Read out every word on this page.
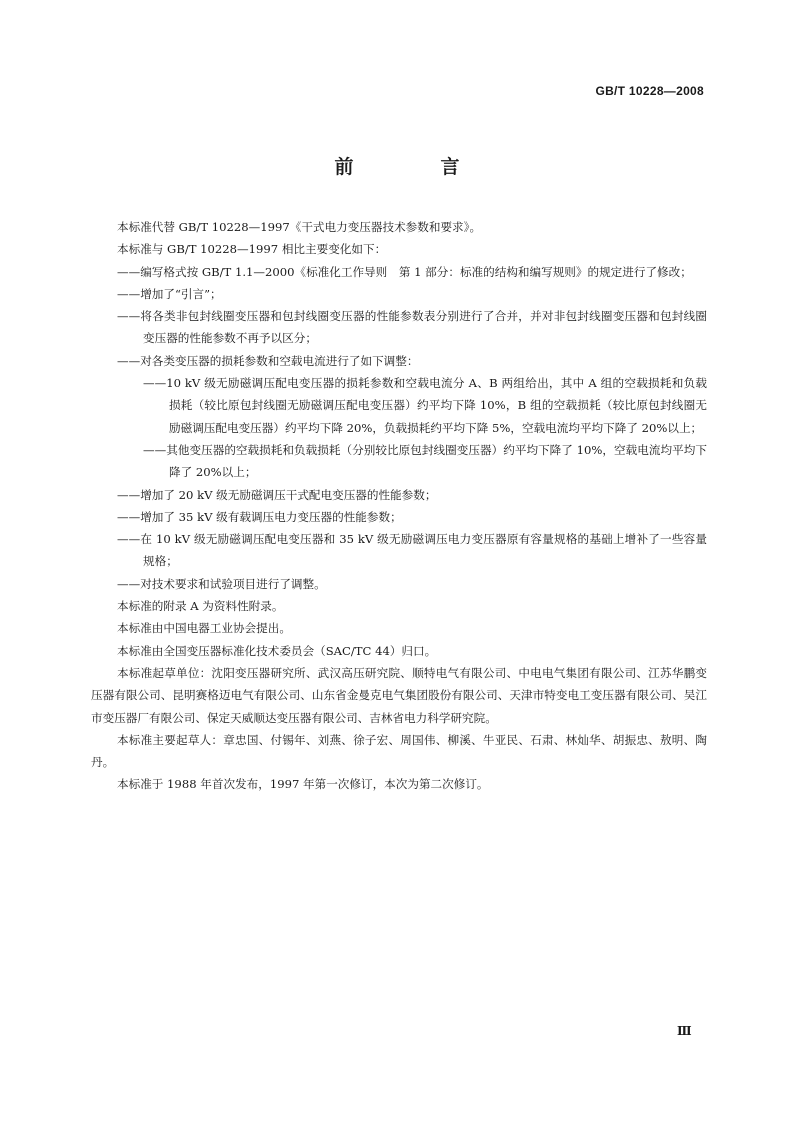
GB/T 10228—2008
前　言

本标准代替 GB/T 10228—1997《干式电力变压器技术参数和要求》。

本标准与 GB/T 10228—1997 相比主要变化如下：

——编写格式按 GB/T 1.1—2000《标准化工作导则　第 1 部分：标准的结构和编写规则》的规定进行了修改；

——增加了“引言”；

——将各类非包封线圈变压器和包封线圈变压器的性能参数表分别进行了合并，并对非包封线圈变压器和包封线圈变压器的性能参数不再予以区分；

——对各类变压器的损耗参数和空载电流进行了如下调整：

——10 kV 级无励磁调压配电变压器的损耗参数和空载电流分 A、B 两组给出，其中 A 组的空载损耗和负载损耗（较比原包封线圈无励磁调压配电变压器）约平均下降 10%，B 组的空载损耗（较比原包封线圈无励磁调压配电变压器）约平均下降 20%，负载损耗约平均下降 5%，空载电流均平均下降了 20%以上；

——其他变压器的空载损耗和负载损耗（分别较比原包封线圈变压器）约平均下降了 10%，空载电流均平均下降了 20%以上；

——增加了 20 kV 级无励磁调压干式配电变压器的性能参数；

——增加了 35 kV 级有载调压电力变压器的性能参数；

——在 10 kV 级无励磁调压配电变压器和 35 kV 级无励磁调压电力变压器原有容量规格的基础上增补了一些容量规格；

——对技术要求和试验项目进行了调整。

本标准的附录 A 为资料性附录。

本标准由中国电器工业协会提出。

本标准由全国变压器标准化技术委员会（SAC/TC 44）归口。

本标准起草单位：沈阳变压器研究所、武汉高压研究院、顺特电气有限公司、中电电气集团有限公司、江苏华鹏变压器有限公司、昆明赛格迈电气有限公司、山东省金曼克电气集团股份有限公司、天津市特变电工变压器有限公司、吴江市变压器厂有限公司、保定天威顺达变压器有限公司、吉林省电力科学研究院。

本标准主要起草人：章忠国、付锡年、刘燕、徐子宏、周国伟、柳溪、牛亚民、石肃、林灿华、胡振忠、敖明、陶丹。

本标准于 1988 年首次发布，1997 年第一次修订，本次为第二次修订。

Ⅲ
